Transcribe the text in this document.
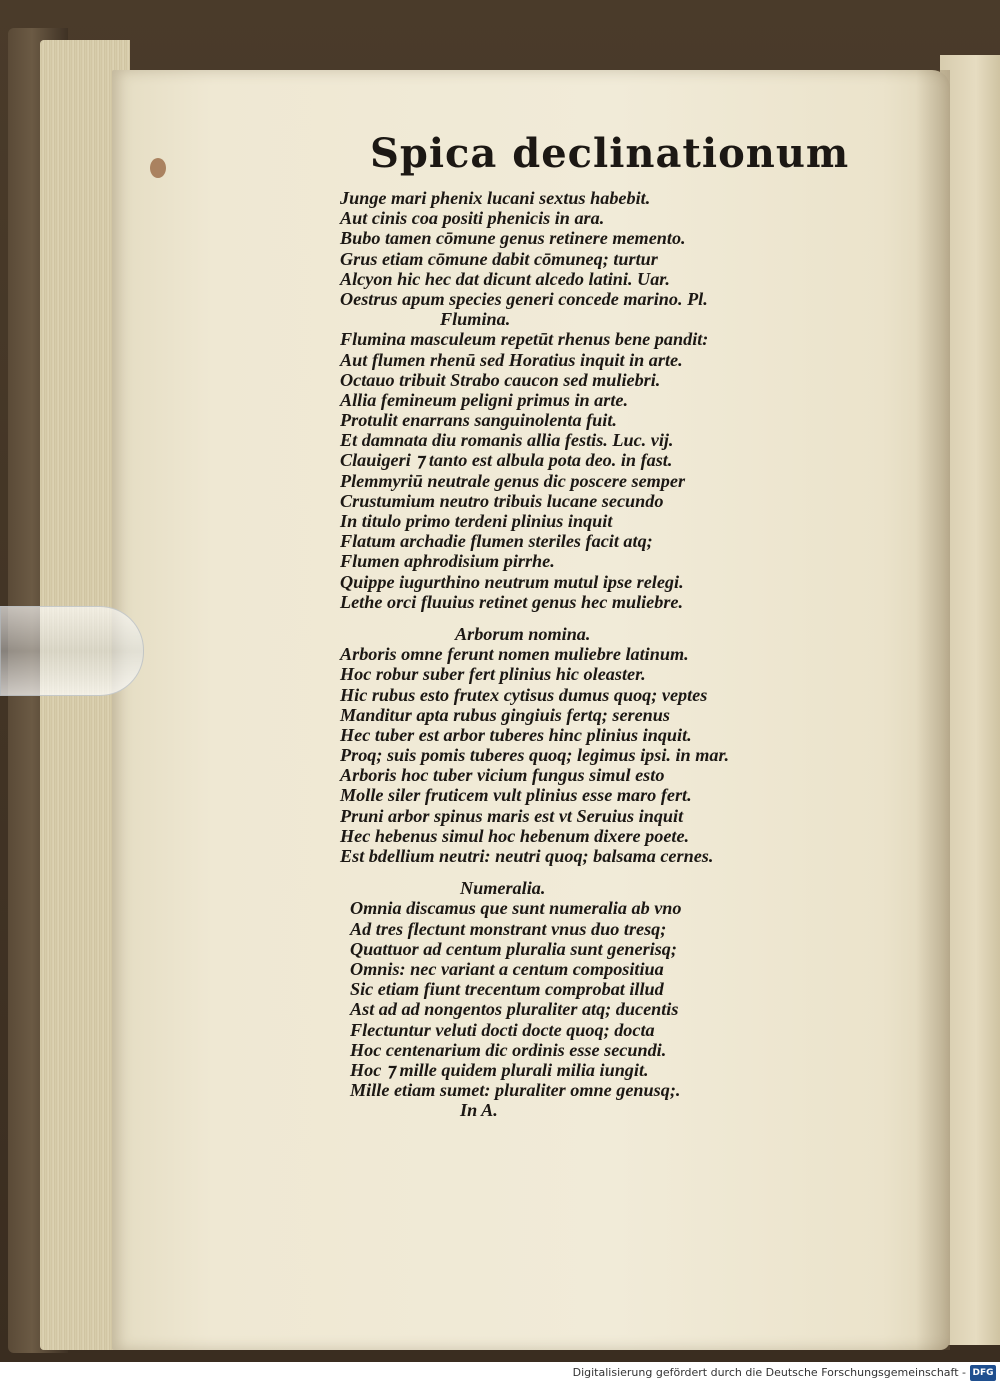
Spica declinationum
Junge mari phenix lucani sextus habebit.
Aut cinis coa positi phenicis in ara.
Bubo tamen cōmune genus retinere memento.
Grus etiam cōmune dabit cōmuneq; turtur
Alcyon hic hec dat dicunt alcedo latini. Uar.
Oestrus apum species generi concede marino. Pl.
Flumina.
Flumina masculeum repetūt rhenus bene pandit:
Aut flumen rhenū sed Horatius inquit in arte.
Octauo tribuit Strabo caucon sed muliebri.
Allia femineum peligni primus in arte.
Protulit enarrans sanguinolenta fuit.
Et damnata diu romanis allia festis. Luc. vij.
Clauigeri ⁊ tanto est albula pota deo. in fast.
Plemmyriū neutrale genus dic poscere semper
Crustumium neutro tribuis lucane secundo
In titulo primo terdeni plinius inquit
Flatum archadie flumen steriles facit atq;
Flumen aphrodisium pirrhe.
Quippe iugurthino neutrum mutul ipse relegi.
Lethe orci fluuius retinet genus hec muliebre.
Arborum nomina.
Arboris omne ferunt nomen muliebre latinum.
Hoc robur suber fert plinius hic oleaster.
Hic rubus esto frutex cytisus dumus quoq; veptes
Manditur apta rubus gingiuis fertq; serenus
Hec tuber est arbor tuberes hinc plinius inquit.
Proq; suis pomis tuberes quoq; legimus ipsi. in mar.
Arboris hoc tuber vicium fungus simul esto
Molle siler fruticem vult plinius esse maro fert.
Pruni arbor spinus maris est vt Seruius inquit
Hec hebenus simul hoc hebenum dixere poete.
Est bdellium neutri: neutri quoq; balsama cernes.
Numeralia.
Omnia discamus que sunt numeralia ab vno
Ad tres flectunt monstrant vnus duo tresq;
Quattuor ad centum pluralia sunt generisq;
Omnis: nec variant a centum compositiua
Sic etiam fiunt trecentum comprobat illud
Ast ad ad nongentos pluraliter atq; ducentis
Flectuntur veluti docti docte quoq; docta
Hoc centenarium dic ordinis esse secundi.
Hoc ⁊ mille quidem plurali milia iungit.
Mille etiam sumet: pluraliter omne genusq;.
In A.
Digitalisierung gefördert durch die Deutsche Forschungsgemeinschaft - DFG
